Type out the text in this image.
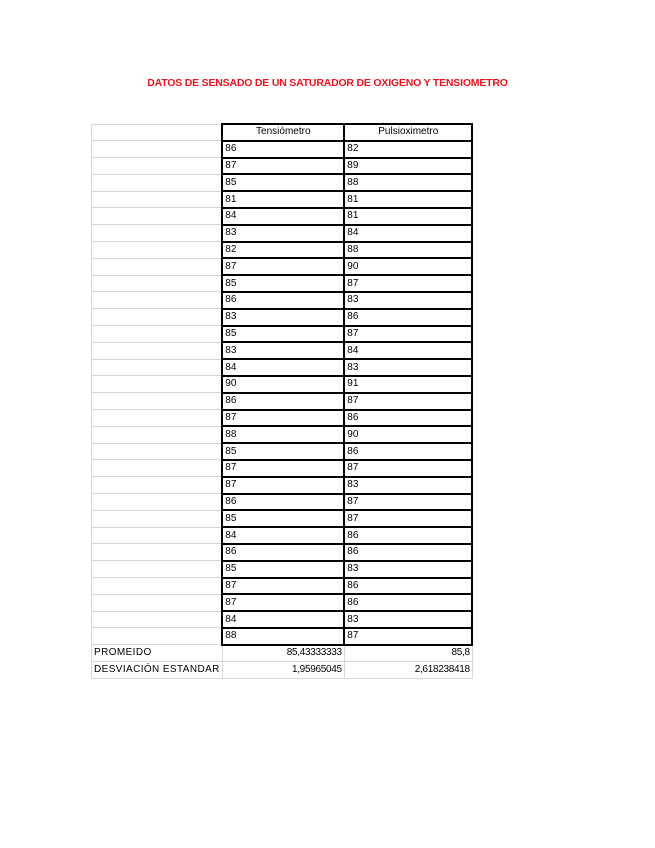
DATOS DE SENSADO DE UN SATURADOR DE OXIGENO Y TENSIOMETRO
	Tensiómetro	Pulsioximetro
	86	82
	87	89
	85	88
	81	81
	84	81
	83	84
	82	88
	87	90
	85	87
	86	83
	83	86
	85	87
	83	84
	84	83
	90	91
	86	87
	87	86
	88	90
	85	86
	87	87
	87	83
	86	87
	85	87
	84	86
	86	86
	85	83
	87	86
	87	86
	84	83
	88	87
PROMEIDO	85,43333333	85,8
DESVIACIÓN ESTANDAR	1,95965045	2,618238418
